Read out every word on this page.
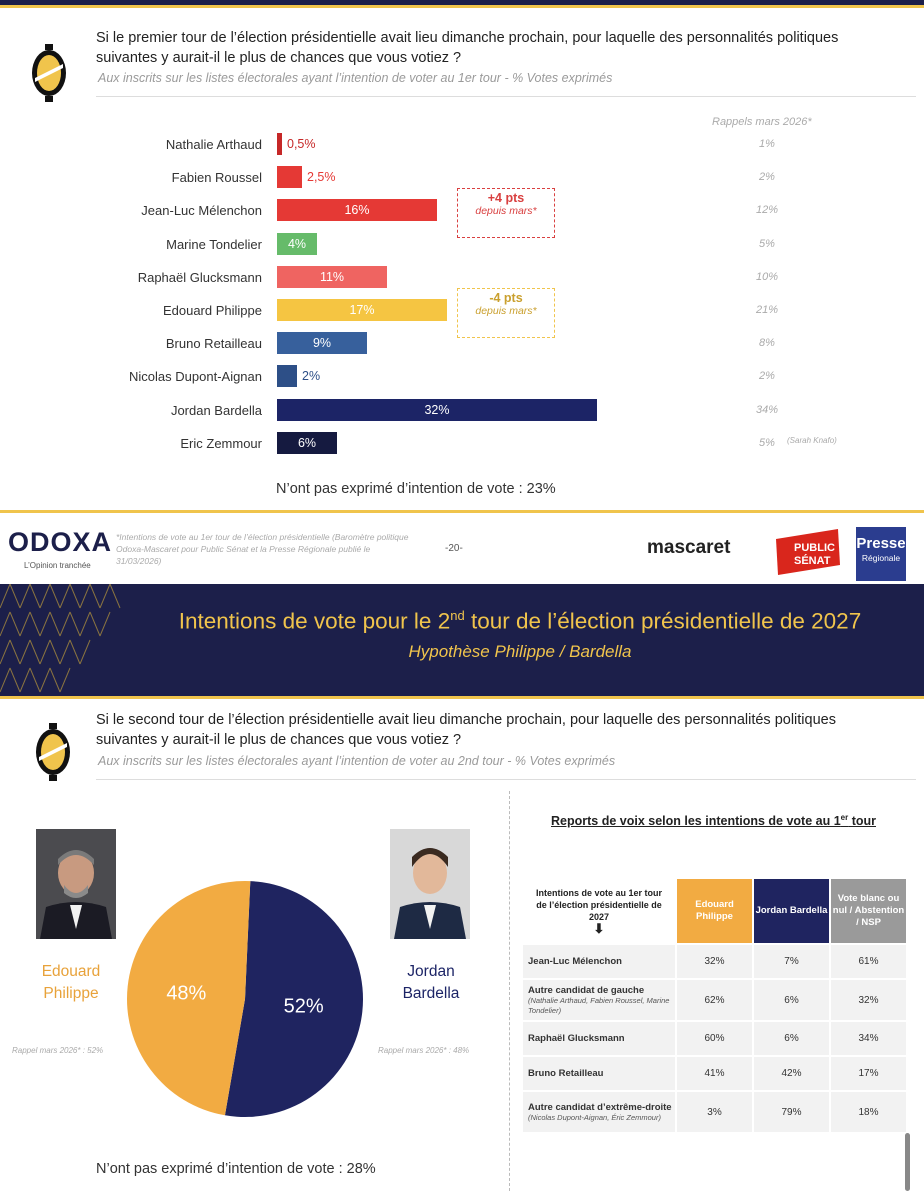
Si le premier tour de l’élection présidentielle avait lieu dimanche prochain, pour laquelle des personnalités politiques suivantes y aurait-il le plus de chances que vous votiez ?
Aux inscrits sur les listes électorales ayant l’intention de voter au 1er tour - % Votes exprimés
Rappels mars 2026*
Nathalie Arthaud 0,5%	1%
Fabien Roussel	2,5%	2%
Jean-Luc Mélenchon	16%	12%
Marine Tondelier	4%	5%
Raphaël Glucksmann	11%	10%
Edouard Philippe	17%	21%
Bruno Retailleau	9%	8%
Nicolas Dupont-Aignan	2%	2%
Jordan Bardella	32%	34%
Eric Zemmour	6%	5%
+4 pts
depuis mars*
-4 pts
depuis mars*
(Sarah Knafo)
N’ont pas exprimé d’intention de vote : 23%
ODOXA
L’Opinion tranchée
*Intentions de vote au 1er tour de l’élection présidentielle (Baromètre politique Odoxa-Mascaret pour Public Sénat et la Presse Régionale publié le 31/03/2026)
-20-	mascaret	PUBLIC
SÉNAT
Presse
Régionale
Intentions de vote pour le 2nd tour de l’élection présidentielle de 2027
Hypothèse Philippe / Bardella
Si le second tour de l’élection présidentielle avait lieu dimanche prochain, pour laquelle des personnalités politiques suivantes y aurait-il le plus de chances que vous votiez ?
Aux inscrits sur les listes électorales ayant l’intention de voter au 2nd tour - % Votes exprimés
Edouard
Philippe
Jordan
Bardella
Rappel mars 2026* : 52%	Rappel mars 2026* : 48%
52%
48%
N’ont pas exprimé d’intention de vote : 28%
Reports de voix selon les intentions de vote au 1er tour
Intentions de vote au 1er tour
de l’élection présidentielle de
2027
⬇	Edouard Philippe	Jordan Bardella	Vote blanc ou nul / Abstention / NSP

Jean-Luc Mélenchon	32%	7%	61%

Autre candidat de gauche
(Nathalie Arthaud, Fabien Roussel, Marine Tondelier)	62%	6%	32%

Raphaël Glucksmann	60%	6%	34%

Bruno Retailleau	41%	42%	17%

Autre candidat d’extrême-droite
(Nicolas Dupont-Aignan, Éric Zemmour)	3%	79%	18%
